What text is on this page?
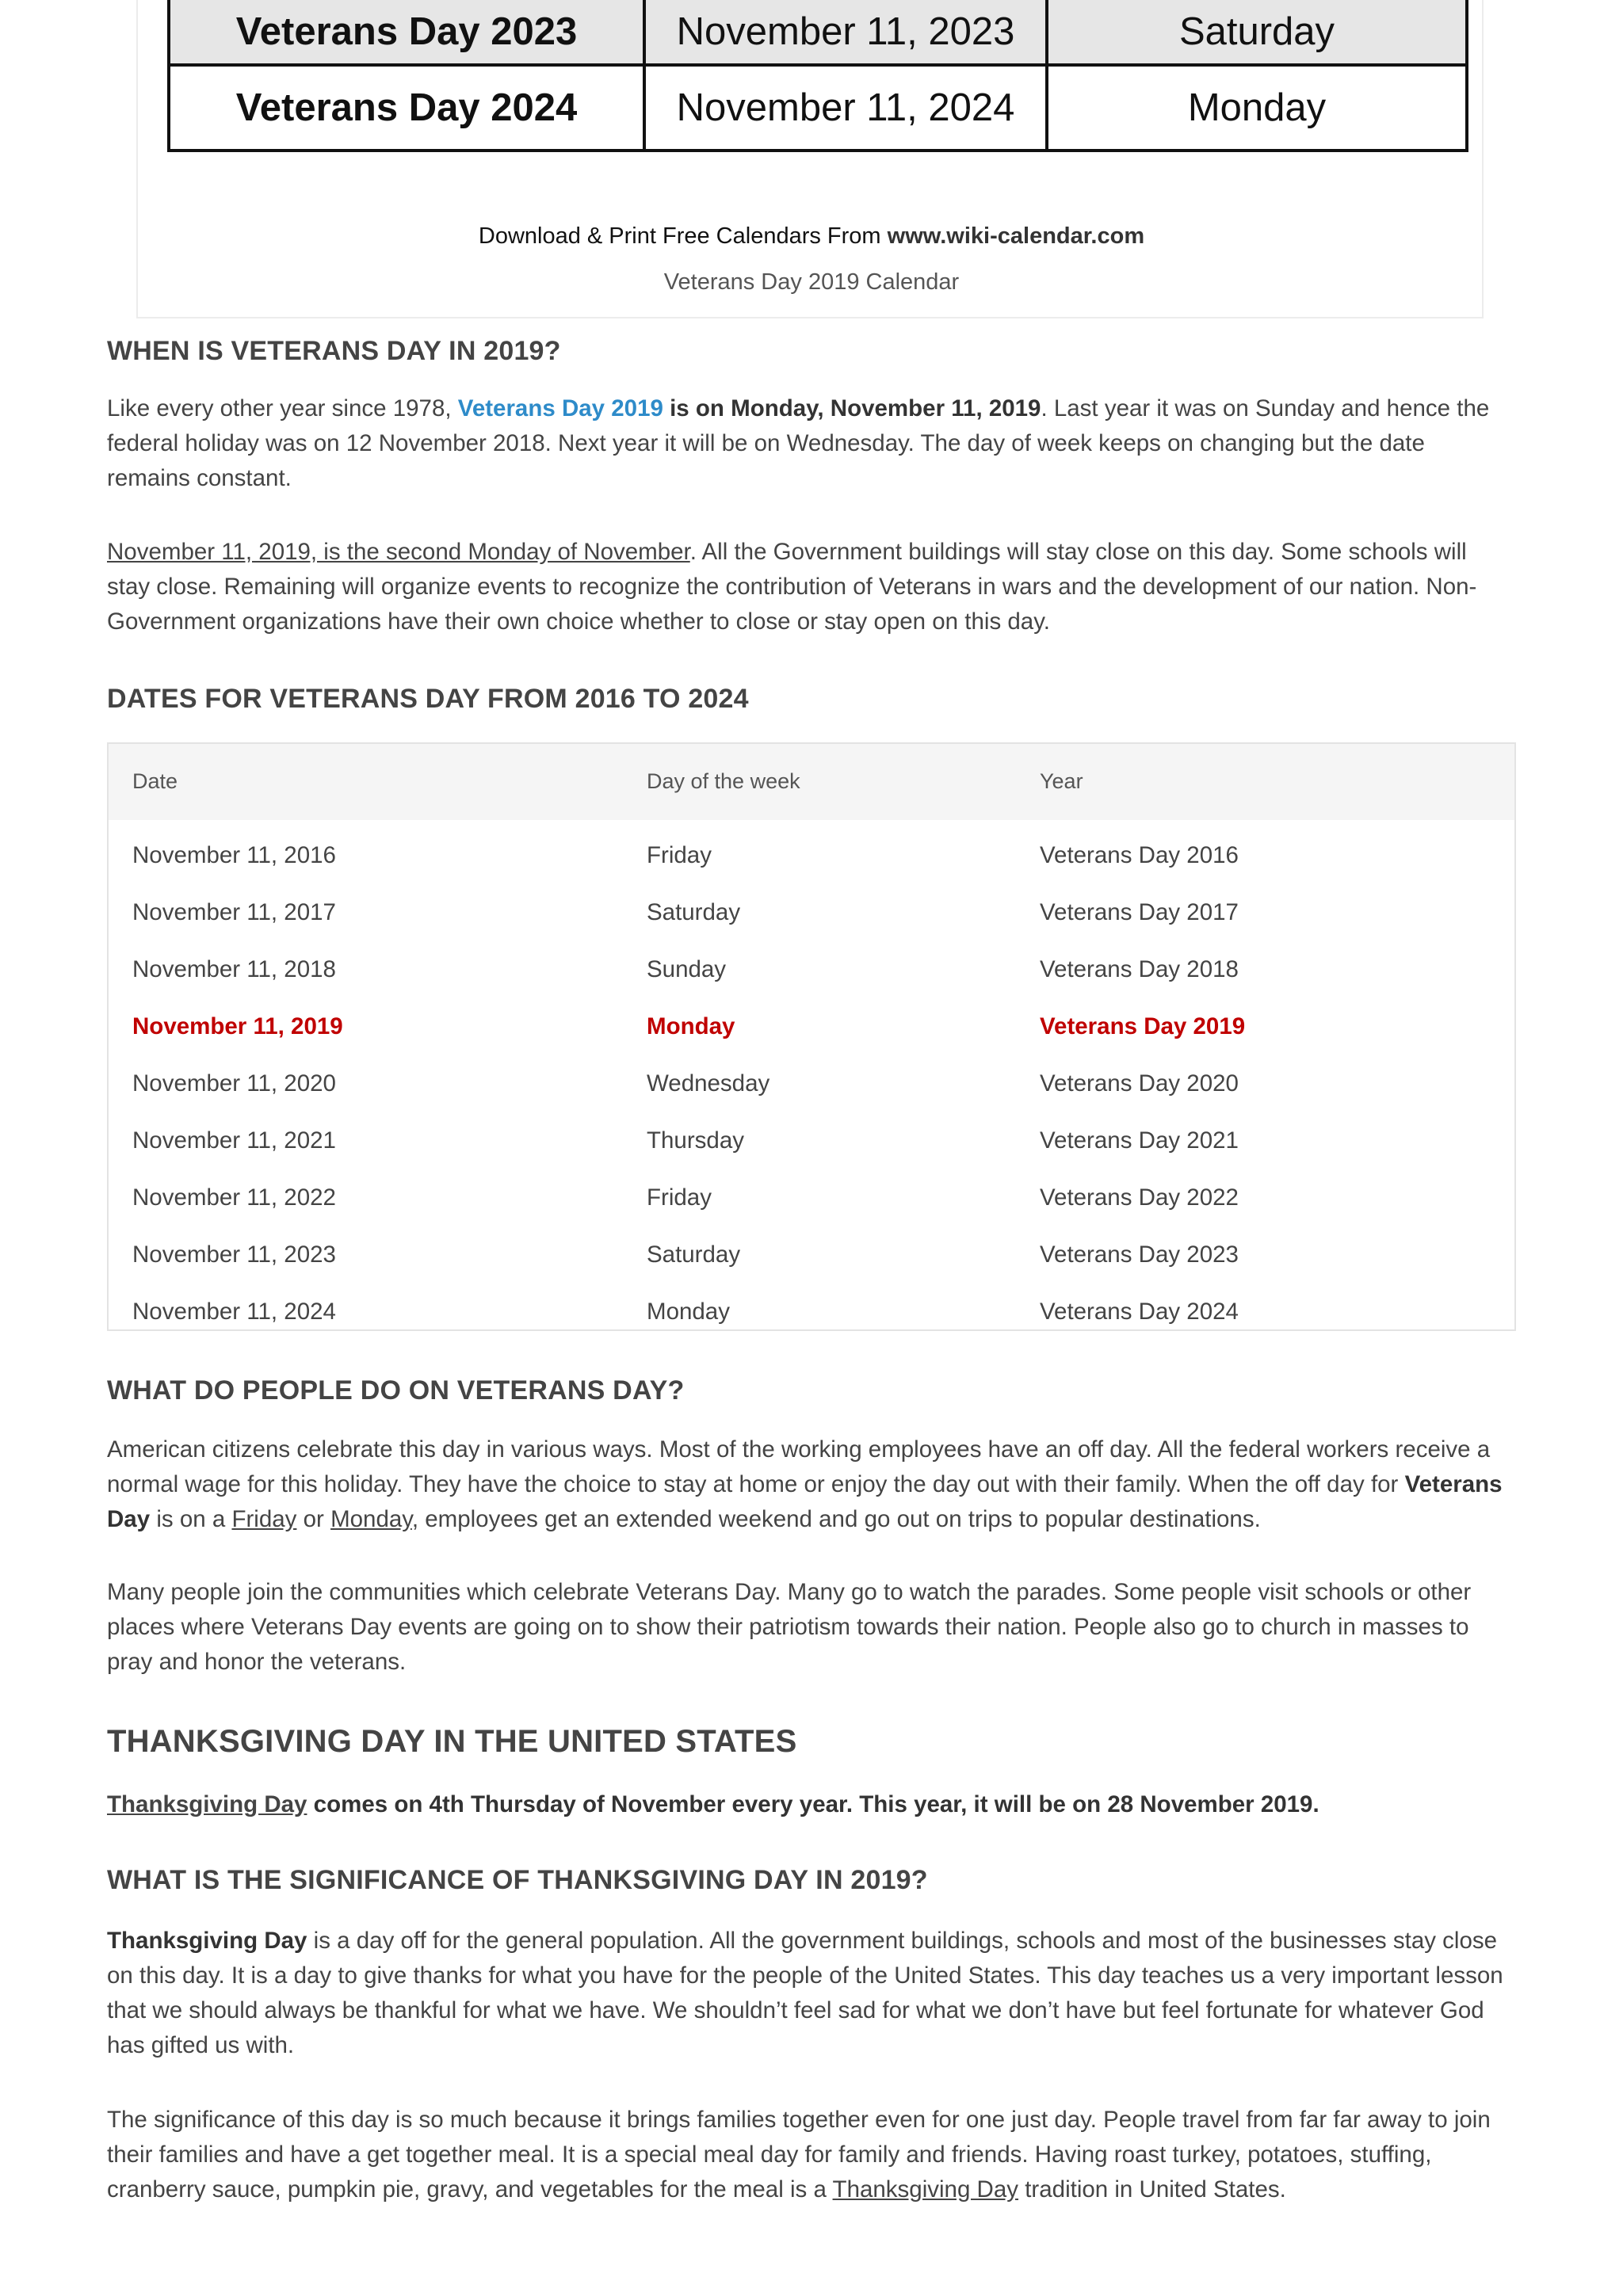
Veterans Day 2023	November 11, 2023	Saturday
Veterans Day 2024	November 11, 2024	Monday
Download & Print Free Calendars From www.wiki-calendar.com
Veterans Day 2019 Calendar
WHEN IS VETERANS DAY IN 2019?

Like every other year since 1978, Veterans Day 2019 is on Monday, November 11, 2019. Last year it was on Sunday and hence the
federal holiday was on 12 November 2018. Next year it will be on Wednesday. The day of week keeps on changing but the date
remains constant.

November 11, 2019, is the second Monday of November. All the Government buildings will stay close on this day. Some schools will
stay close. Remaining will organize events to recognize the contribution of Veterans in wars and the development of our nation. Non-
Government organizations have their own choice whether to close or stay open on this day.

DATES FOR VETERANS DAY FROM 2016 TO 2024
Date	Day of the week	Year
November 11, 2016	Friday	Veterans Day 2016
November 11, 2017	Saturday	Veterans Day 2017
November 11, 2018	Sunday	Veterans Day 2018
November 11, 2019	Monday	Veterans Day 2019
November 11, 2020	Wednesday	Veterans Day 2020
November 11, 2021	Thursday	Veterans Day 2021
November 11, 2022	Friday	Veterans Day 2022
November 11, 2023	Saturday	Veterans Day 2023
November 11, 2024	Monday	Veterans Day 2024
WHAT DO PEOPLE DO ON VETERANS DAY?

American citizens celebrate this day in various ways. Most of the working employees have an off day. All the federal workers receive a
normal wage for this holiday. They have the choice to stay at home or enjoy the day out with their family. When the off day for Veterans
Day is on a Friday or Monday, employees get an extended weekend and go out on trips to popular destinations.

Many people join the communities which celebrate Veterans Day. Many go to watch the parades. Some people visit schools or other
places where Veterans Day events are going on to show their patriotism towards their nation. People also go to church in masses to
pray and honor the veterans.

THANKSGIVING DAY IN THE UNITED STATES

Thanksgiving Day comes on 4th Thursday of November every year. This year, it will be on 28 November 2019.

WHAT IS THE SIGNIFICANCE OF THANKSGIVING DAY IN 2019?

Thanksgiving Day is a day off for the general population. All the government buildings, schools and most of the businesses stay close
on this day. It is a day to give thanks for what you have for the people of the United States. This day teaches us a very important lesson
that we should always be thankful for what we have. We shouldn’t feel sad for what we don’t have but feel fortunate for whatever God
has gifted us with.

The significance of this day is so much because it brings families together even for one just day. People travel from far far away to join
their families and have a get together meal. It is a special meal day for family and friends. Having roast turkey, potatoes, stuffing,
cranberry sauce, pumpkin pie, gravy, and vegetables for the meal is a Thanksgiving Day tradition in United States.
